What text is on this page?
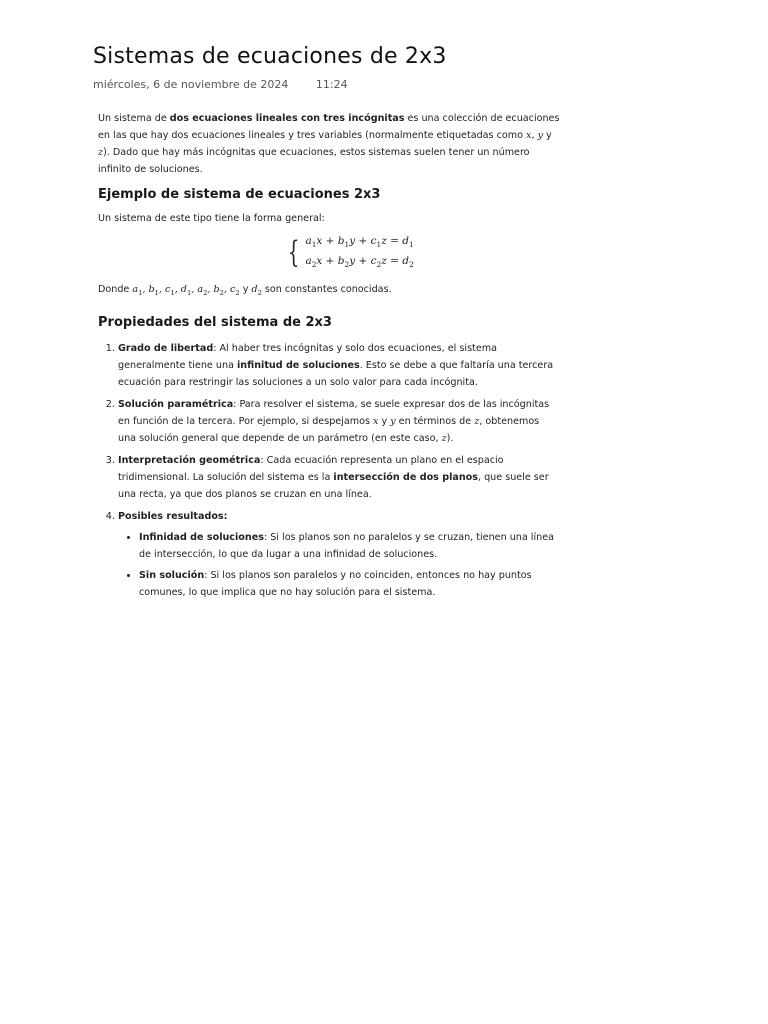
Sistemas de ecuaciones de 2x3
miércoles, 6 de noviembre de 2024	11:24

Un sistema de dos ecuaciones lineales con tres incógnitas es una colección de ecuaciones en las que hay dos ecuaciones lineales y tres variables (normalmente etiquetadas como x, y y z). Dado que hay más incógnitas que ecuaciones, estos sistemas suelen tener un número infinito de soluciones.

Ejemplo de sistema de ecuaciones 2x3

Un sistema de este tipo tiene la forma general:

{ $a_1x + b_1y + c_1z = d_1$
$a_2x + b_2y + c_2z = d_2$

Donde $a_1$, $b_1$, $c_1$, $d_1$, $a_2$, $b_2$, $c_2$ y $d_2$ son constantes conocidas.

Propiedades del sistema de 2x3
1. Grado de libertad: Al haber tres incógnitas y solo dos ecuaciones, el sistema generalmente tiene una infinitud de soluciones. Esto se debe a que faltaría una tercera ecuación para restringir las soluciones a un solo valor para cada incógnita.
2. Solución paramétrica: Para resolver el sistema, se suele expresar dos de las incógnitas en función de la tercera. Por ejemplo, si despejamos x y y en términos de z, obtenemos una solución general que depende de un parámetro (en este caso, z).
3. Interpretación geométrica: Cada ecuación representa un plano en el espacio tridimensional. La solución del sistema es la intersección de dos planos, que suele ser una recta, ya que dos planos se cruzan en una línea.
4. Posibles resultados:
• Infinidad de soluciones: Si los planos son no paralelos y se cruzan, tienen una línea de intersección, lo que da lugar a una infinidad de soluciones.
• Sin solución: Si los planos son paralelos y no coinciden, entonces no hay puntos comunes, lo que implica que no hay solución para el sistema.
